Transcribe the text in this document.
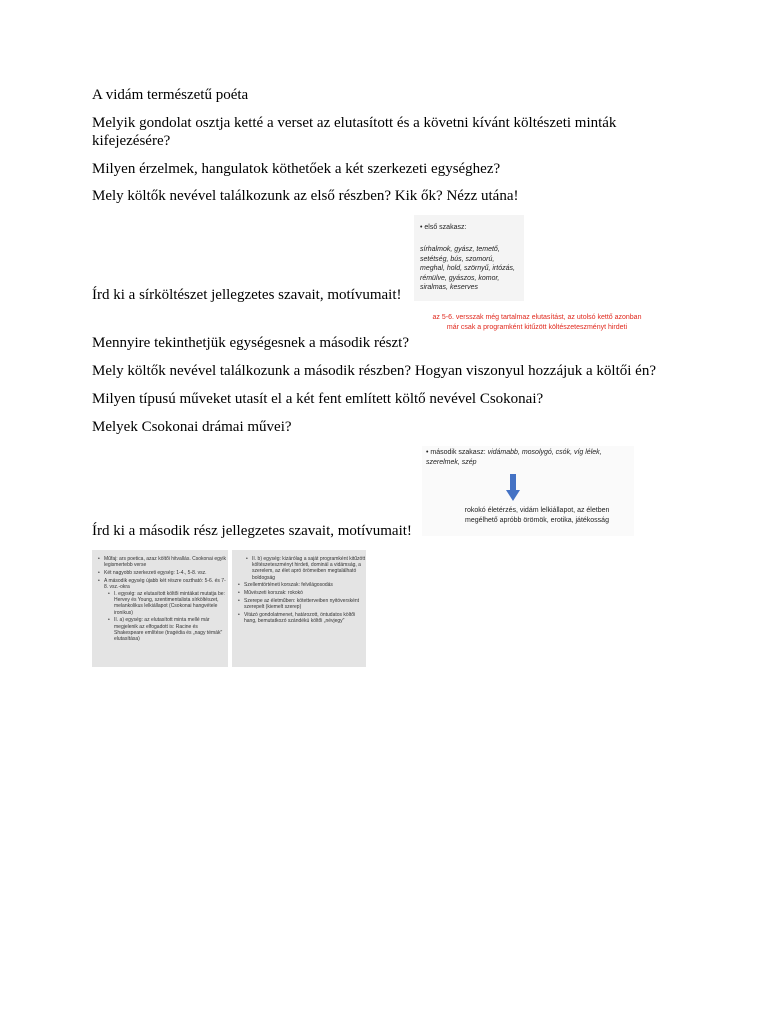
A vidám természetű poéta
Melyik gondolat osztja ketté a verset az elutasított és a követni kívánt költészeti minták kifejezésére?
Milyen érzelmek, hangulatok köthetőek a két szerkezeti egységhez?
Mely költők nevével találkozunk az első részben? Kik ők? Nézz utána!
Írd ki a sírköltészet jellegzetes szavait, motívumait!
Mennyire tekinthetjük egységesnek a második részt?
Mely költők nevével találkozunk a második részben? Hogyan viszonyul hozzájuk a költői én?
Milyen típusú műveket utasít el a két fent említett költő nevével Csokonai?
Melyek Csokonai drámai művei?
Írd ki a második rész jellegzetes szavait, motívumait!
• első szakasz:
sírhalmok, gyász, temető, setétség, bús, szomorú, meghal, hold, szörnyű, irtózás, rémülve, gyászos, komor, siralmas, keserves
az 5-6. versszak még tartalmaz elutasítást, az utolsó kettő azonban már csak a programként kitűzött költészeteszményt hirdeti
• második szakasz: vidámabb, mosolygó, csók, víg lélek, szerelmek, szép
rokokó életérzés, vidám lelkiállapot, az életben megélhető apróbb örömök, erotika, játékosság
• Műfaj: ars poetica, azaz költői hitvallás. Csokonai egyik legismertebb verse
• Két nagyobb szerkezeti egység: 1-4., 5-8. vsz.
• A második egység újabb két részre osztható: 5-6. és 7-8. vsz.-okra
• I. egység: az elutasított költői mintákat mutatja be: Hervey és Young, szentimentalista sírköltészet, melankolikus lelkiállapot (Csokonai hangvétele ironikus)
• II. a) egység: az elutasított minta mellé már megjelenik az elfogadott is: Racine és Shakespeare említése (tragédia és „nagy témák" elutasítása)
• II. b) egység: kizárólag a saját programként kitűzött költészeteszményt hirdeti, dominál a vidámság, a szerelem, az élet apró örömeiben megtalálható boldogság
• Szellemtörténeti korszak: felvilágosodás
• Művészeti korszak: rokokó
• Szerepe az életműben: kötetterveiben nyitóversként szerepelt (kiemelt szerep)
• Vitázó gondolatmenet, határozott, öntudatos költői hang, bemutatkozó szándékú költői „névjegy"
